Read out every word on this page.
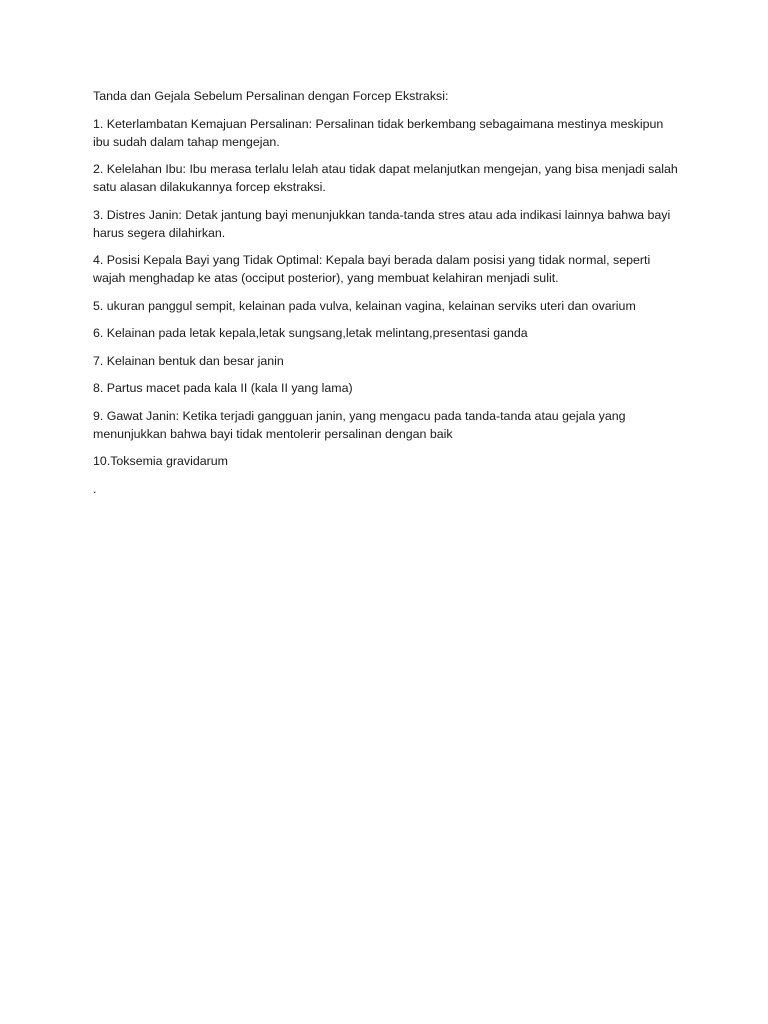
Tanda dan Gejala Sebelum Persalinan dengan Forcep Ekstraksi:

1. Keterlambatan Kemajuan Persalinan: Persalinan tidak berkembang sebagaimana mestinya meskipun ibu sudah dalam tahap mengejan.

2. Kelelahan Ibu: Ibu merasa terlalu lelah atau tidak dapat melanjutkan mengejan, yang bisa menjadi salah satu alasan dilakukannya forcep ekstraksi.

3. Distres Janin: Detak jantung bayi menunjukkan tanda-tanda stres atau ada indikasi lainnya bahwa bayi harus segera dilahirkan.

4. Posisi Kepala Bayi yang Tidak Optimal: Kepala bayi berada dalam posisi yang tidak normal, seperti wajah menghadap ke atas (occiput posterior), yang membuat kelahiran menjadi sulit.

5. ukuran panggul sempit, kelainan pada vulva, kelainan vagina, kelainan serviks uteri dan ovarium

6. Kelainan pada letak kepala,letak sungsang,letak melintang,presentasi ganda

7. Kelainan bentuk dan besar janin

8. Partus macet pada kala II (kala II yang lama)

9. Gawat Janin: Ketika terjadi gangguan janin, yang mengacu pada tanda-tanda atau gejala yang menunjukkan bahwa bayi tidak mentolerir persalinan dengan baik

10.Toksemia gravidarum

.
